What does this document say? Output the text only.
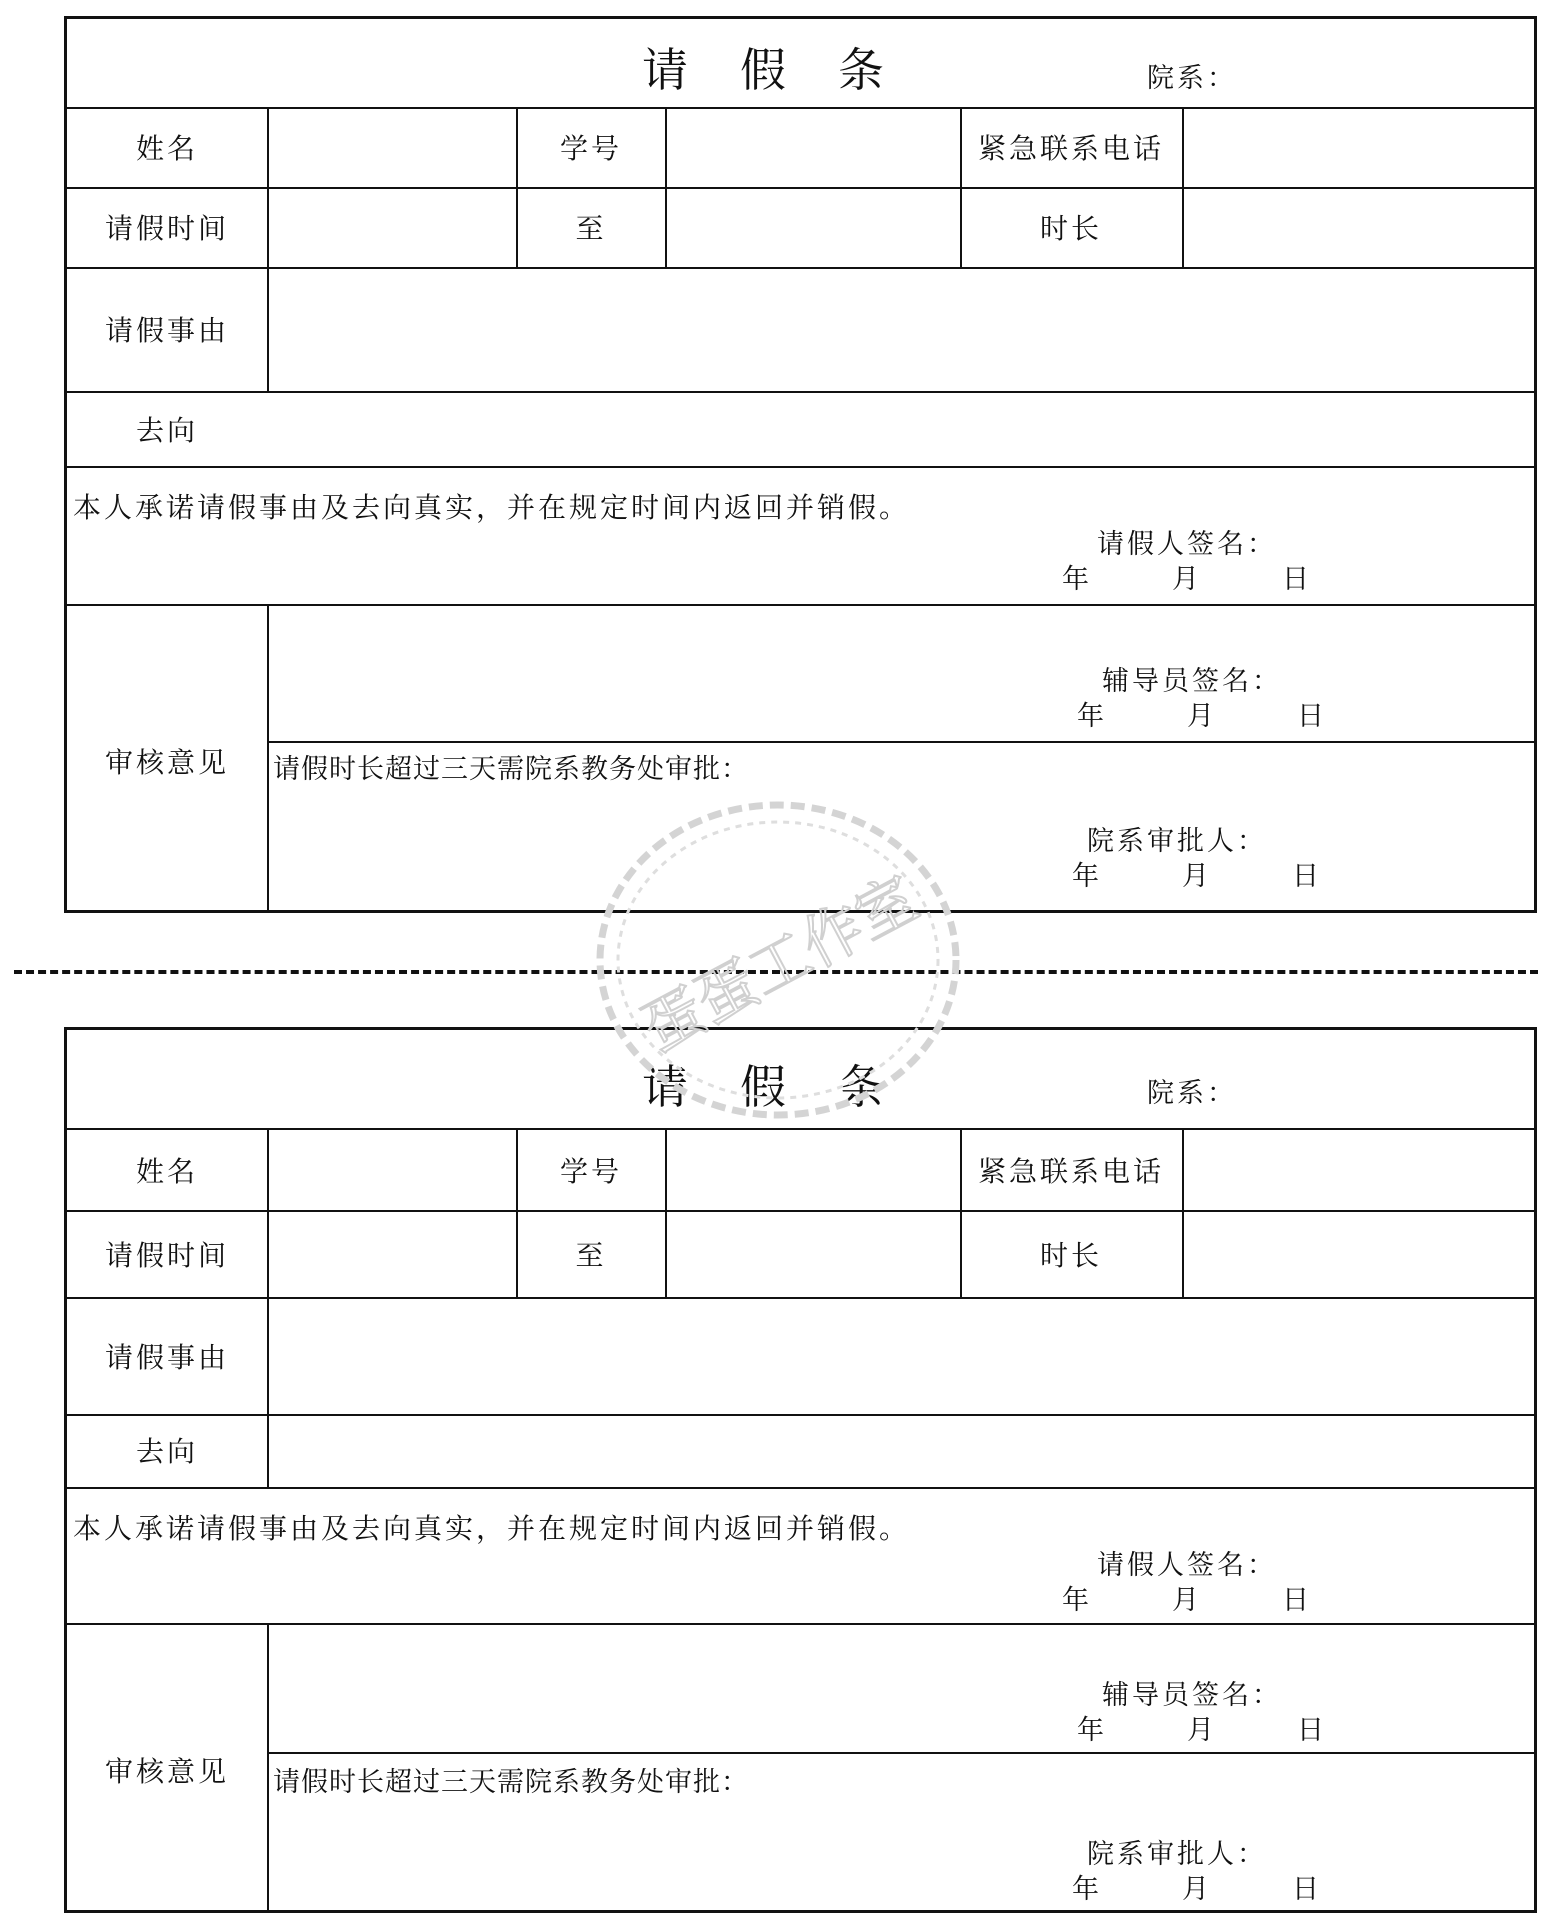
请 假 条	院系：
姓名	学号	紧急联系电话
请假时间	至	时长
请假事由
去向
本人承诺请假事由及去向真实，并在规定时间内返回并销假。
请假人签名：
年	月	日
审核意见
辅导员签名：
年	月	日
请假时长超过三天需院系教务处审批：
院系审批人：
年	月	日
请 假 条	院系：
姓名	学号	紧急联系电话
请假时间	至	时长
请假事由
去向
本人承诺请假事由及去向真实，并在规定时间内返回并销假。
请假人签名：
年	月	日
审核意见
辅导员签名：
年	月	日
请假时长超过三天需院系教务处审批：
院系审批人：
年	月	日
蛋蛋工作室
